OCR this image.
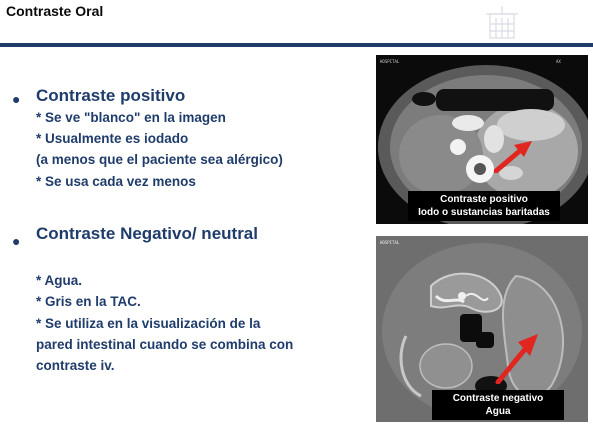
Contraste Oral
● Contraste positivo
* Se ve "blanco" en la imagen
* Usualmente es iodado
(a menos que el paciente sea alérgico)
* Se usa cada vez menos
● Contraste Negativo/ neutral
* Agua.
* Gris en la TAC.
* Se utiliza en la visualización de la
pared intestinal cuando se combina con
contraste iv.
HOSPITAL	AX
Contraste positivo
Iodo o sustancias baritadas
HOSPITAL
Contraste negativo
Agua
